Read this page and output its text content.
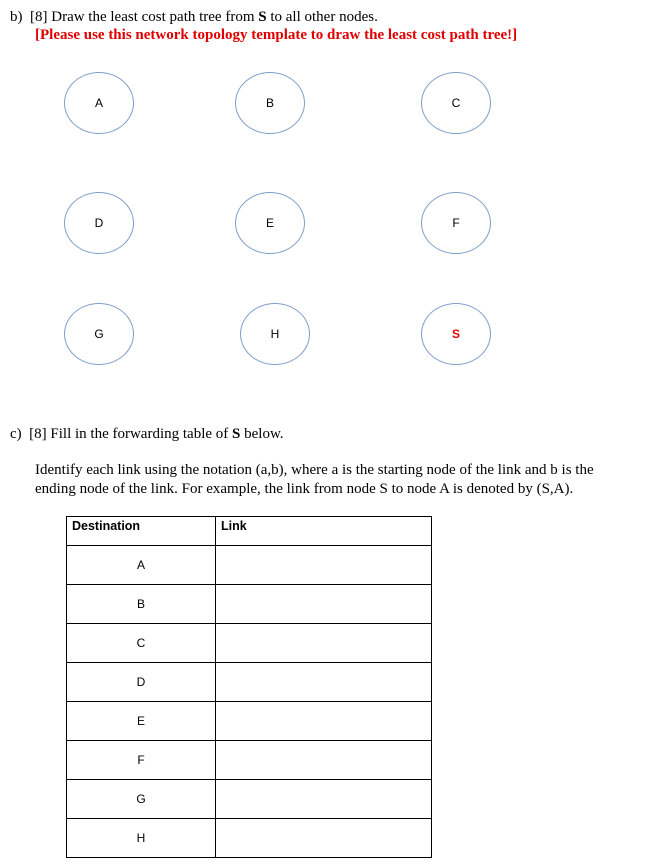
b) [8] Draw the least cost path tree from S to all other nodes.
[Please use this network topology template to draw the least cost path tree!]
A	B	C
D	E	F
G	H	S
c) [8] Fill in the forwarding table of S below.
Identify each link using the notation (a,b), where a is the starting node of the link and b is the ending node of the link. For example, the link from node S to node A is denoted by (S,A).
Destination	Link
A	
B	
C	
D	
E	
F	
G	
H	
